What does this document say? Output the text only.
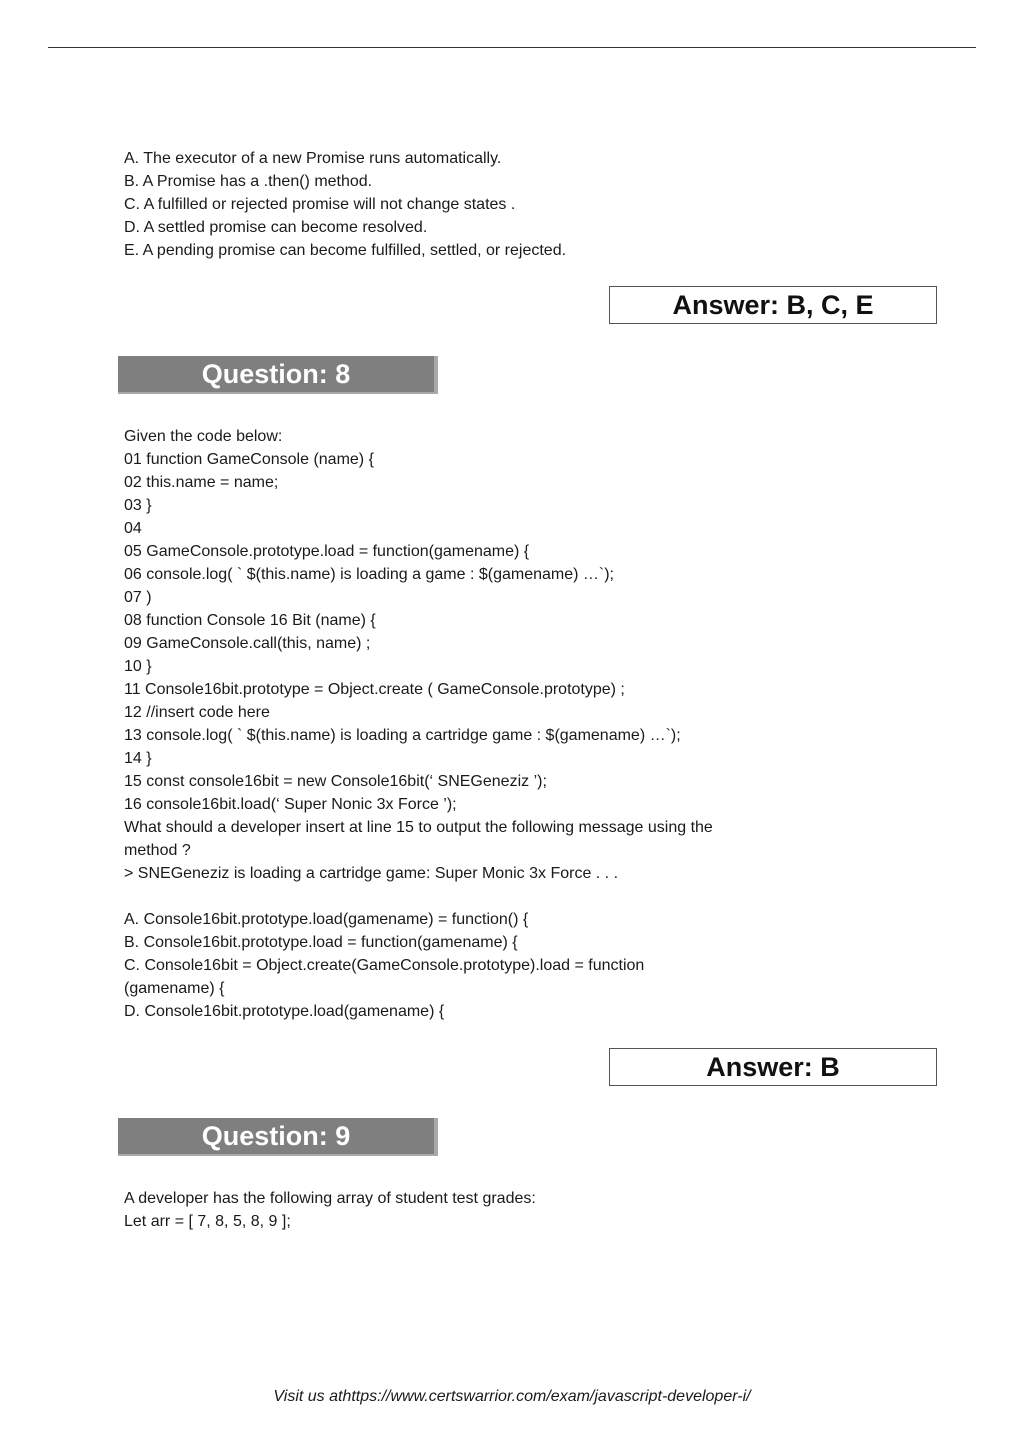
A. The executor of a new Promise runs automatically.
B. A Promise has a .then() method.
C. A fulfilled or rejected promise will not change states .
D. A settled promise can become resolved.
E. A pending promise can become fulfilled, settled, or rejected.
Answer: B, C, E
Question: 8
Given the code below:
01 function GameConsole (name) {
02 this.name = name;
03 }
04
05 GameConsole.prototype.load = function(gamename) {
06 console.log( ` $(this.name) is loading a game : $(gamename) …`);
07 )
08 function Console 16 Bit (name) {
09 GameConsole.call(this, name) ;
10 }
11 Console16bit.prototype = Object.create ( GameConsole.prototype) ;
12 //insert code here
13 console.log( ` $(this.name) is loading a cartridge game : $(gamename) …`);
14 }
15 const console16bit = new Console16bit(‘ SNEGeneziz ’);
16 console16bit.load(‘ Super Nonic 3x Force ’);
What should a developer insert at line 15 to output the following message using the
method ?
> SNEGeneziz is loading a cartridge game: Super Monic 3x Force . . .
A. Console16bit.prototype.load(gamename) = function() {
B. Console16bit.prototype.load = function(gamename) {
C. Console16bit = Object.create(GameConsole.prototype).load = function
(gamename) {
D. Console16bit.prototype.load(gamename) {
Answer: B
Question: 9
A developer has the following array of student test grades:
Let arr = [ 7, 8, 5, 8, 9 ];
Visit us athttps://www.certswarrior.com/exam/javascript-developer-i/
